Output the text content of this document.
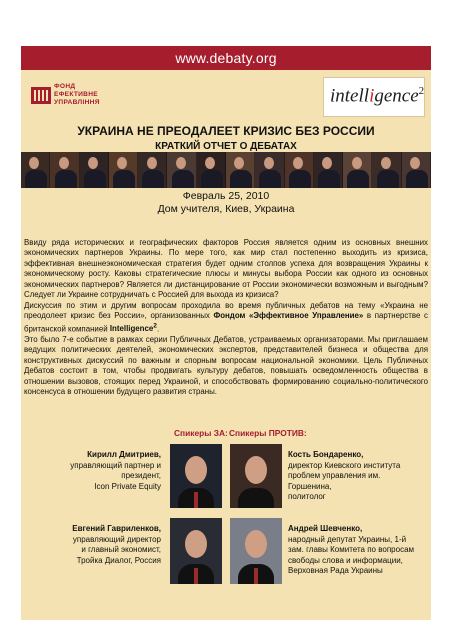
www.debaty.org
ФОНД
ЕФЕКТИВНЕ
УПРАВЛІННЯ	intelligence$^2$
УКРАИНА НЕ ПРЕОДАЛЕЕТ КРИЗИС БЕЗ РОССИИ
КРАТКИЙ ОТЧЕТ О ДЕБАТАХ
Февраль 25, 2010
Дом учителя, Киев, Украина

Ввиду ряда исторических и географических факторов Россия является одним из основных внешних экономических партнеров Украины. По мере того, как мир стал постепенно выходить из кризиса, эффективная внешнеэкономическая стратегия будет одним столпов успеха для возвращения Украины к экономическому росту. Каковы стратегические плюсы и минусы выбора России как одного из основных экономических партнеров? Является ли дистанцирование от России экономически возможным и выгодным? Следует ли Украине сотрудничать с Россией для выхода из кризиса?

Дискуссия по этим и другим вопросам проходила во время публичных дебатов на тему «Украина не преодолеет кризис без России», организованных Фондом «Эффективное Управление» в партнерстве с британской компанией Intelligence$^2$.

Это было 7-е событие в рамках серии Публичных Дебатов, устраиваемых организаторами. Мы приглашаем ведущих политических деятелей, экономических экспертов, представителей бизнеса и общества для конструктивных дискуссий по важным и спорным вопросам национальной экономики. Цель Публичных Дебатов состоит в том, чтобы продвигать культуру дебатов, повышать осведомленность общества в отношении вызовов, стоящих перед Украиной, и способствовать формированию социально-политического консенсуса в отношении будущего развития страны.

Спикеры ЗА: Спикеры ПРОТИВ:
Кирилл Дмитриев,
управляющий партнер и
президент,
Icon Private Equity
Кость Бондаренко,
директор Киевского института
проблем управления им.
Горшенина,
политолог
Евгений Гавриленков,
управляющий директор
и главный экономист,
Тройка Диалог, Россия
Андрей Шевченко,
народный депутат Украины, 1-й
зам. главы Комитета по вопросам
свободы слова и информации,
Верховная Рада Украины
